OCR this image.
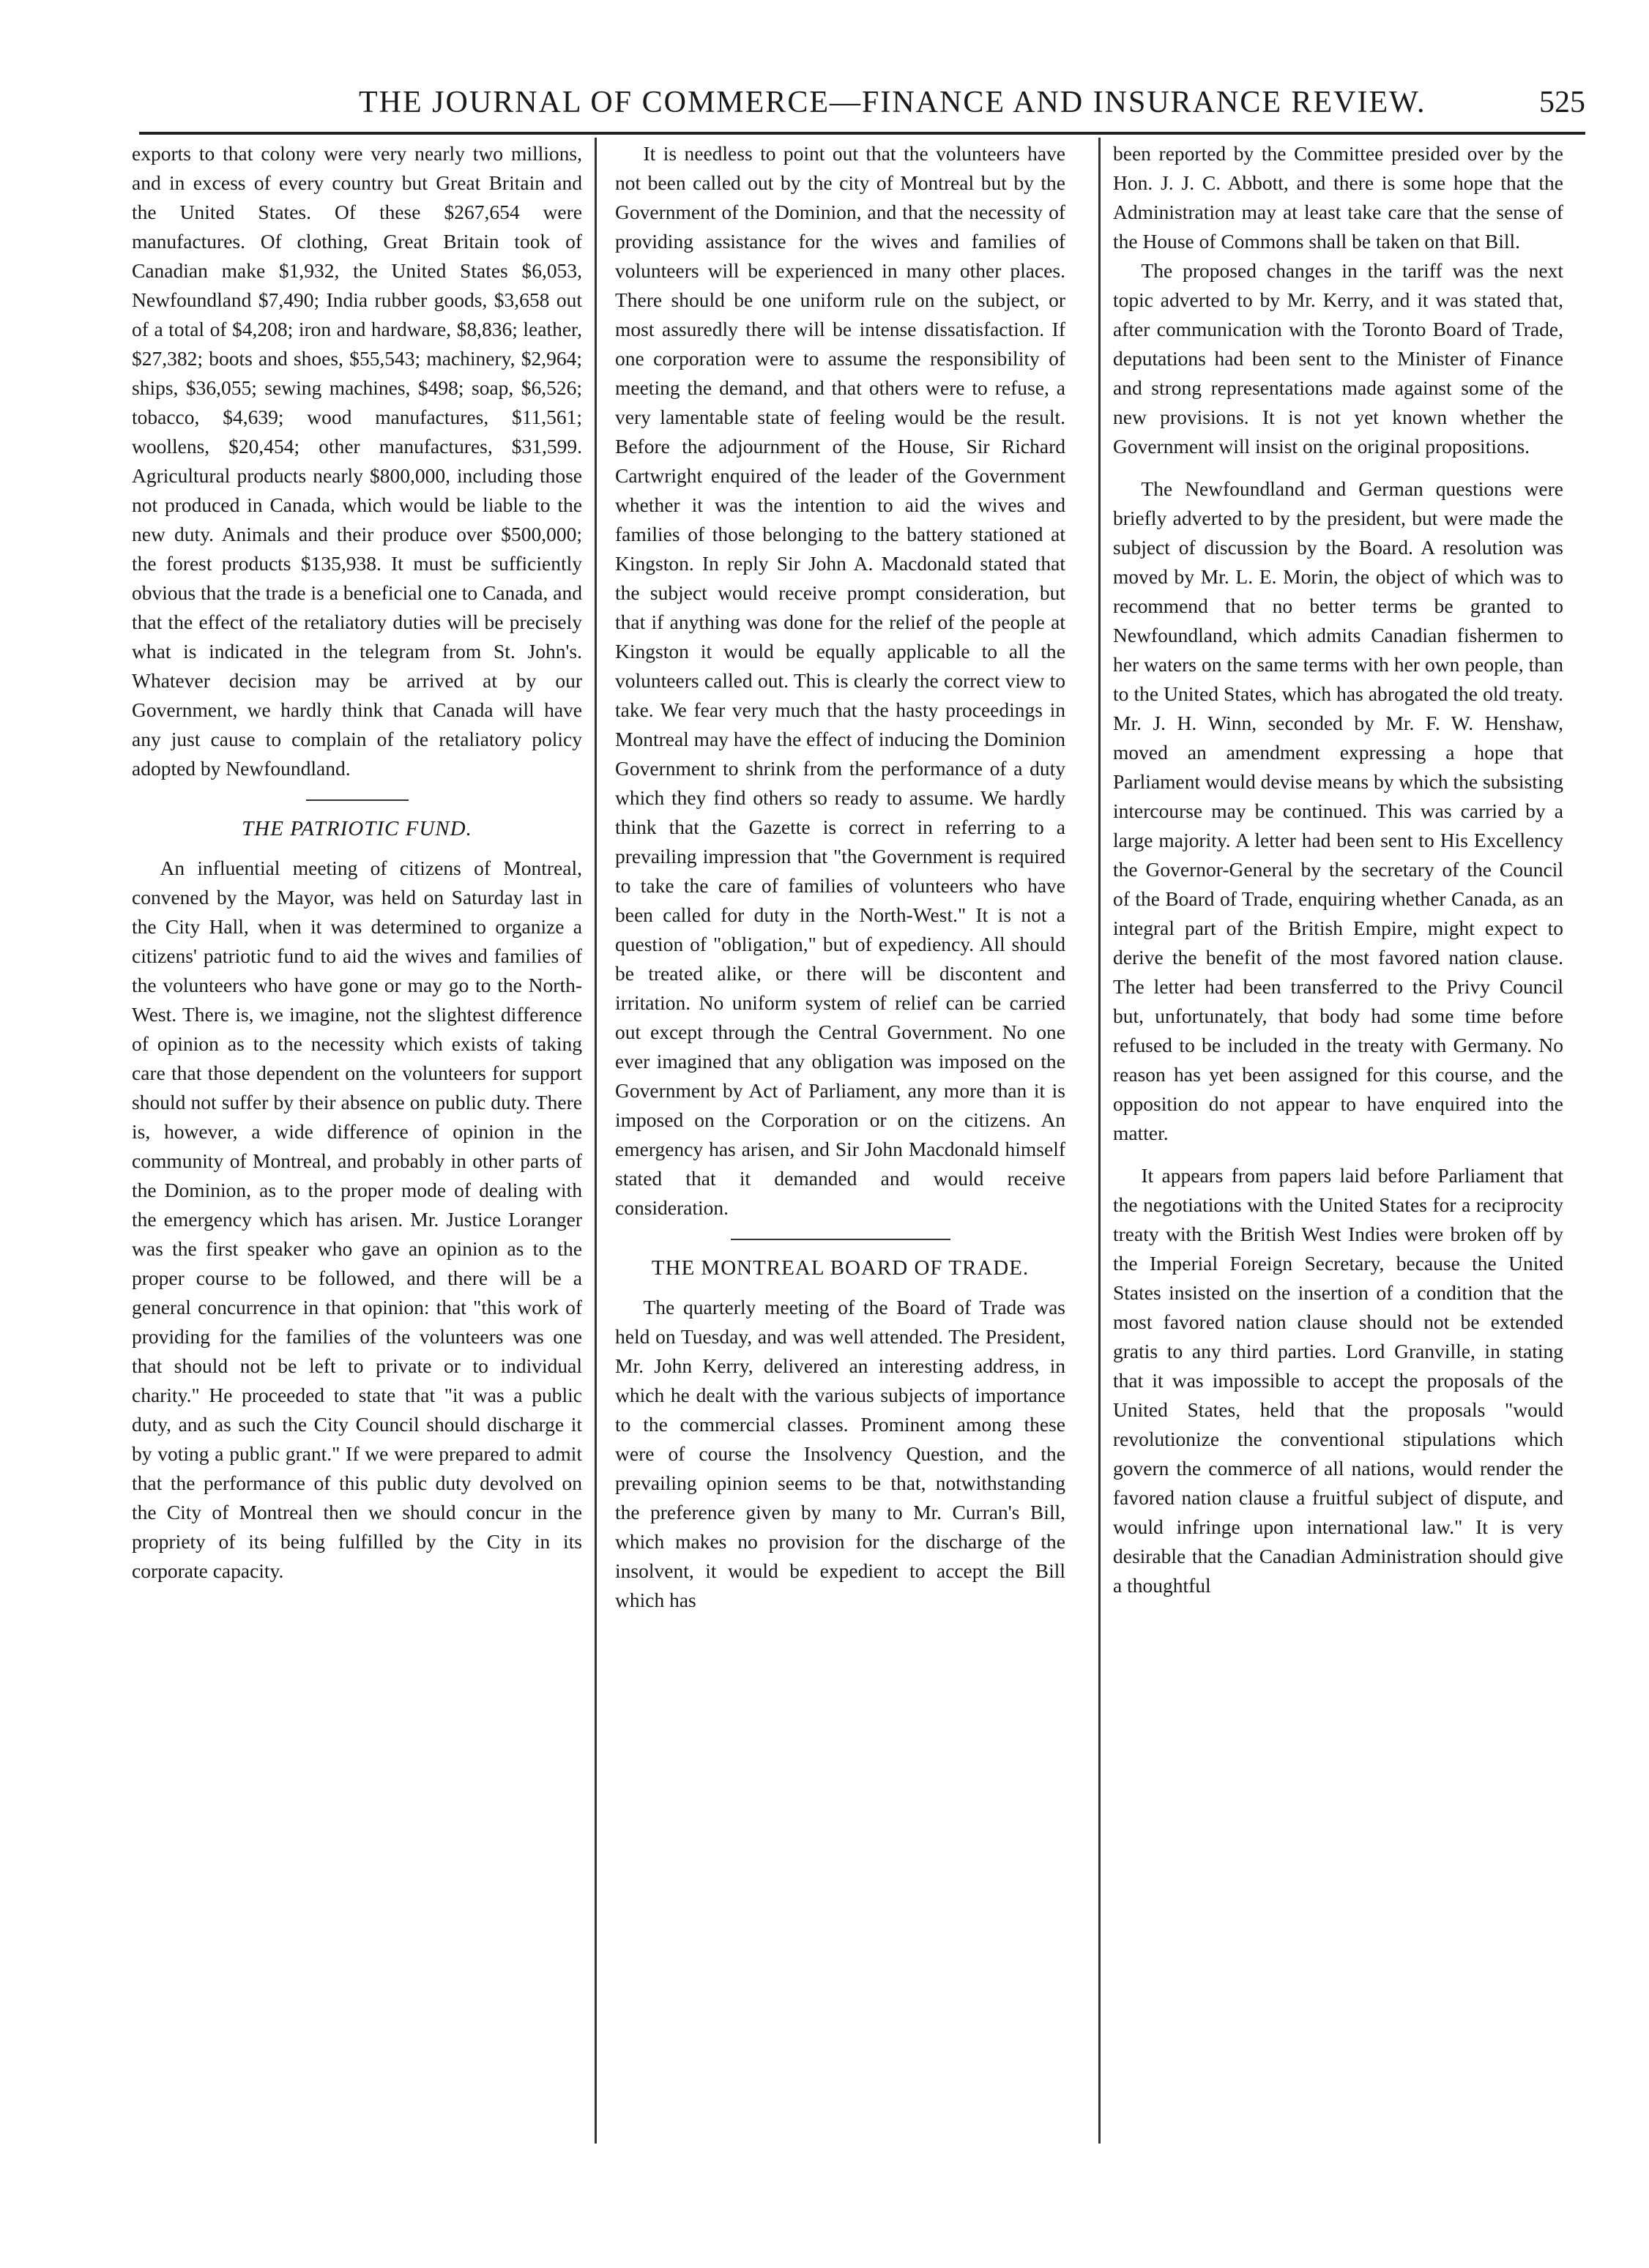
THE JOURNAL OF COMMERCE—FINANCE AND INSURANCE REVIEW.	525

exports to that colony were very nearly two millions, and in excess of every country but Great Britain and the United States. Of these $267,654 were manufactures. Of clothing, Great Britain took of Canadian make $1,932, the United States $6,053, Newfoundland $7,490; India rubber goods, $3,658 out of a total of $4,208; iron and hardware, $8,836; leather, $27,382; boots and shoes, $55,543; machinery, $2,964; ships, $36,055; sewing machines, $498; soap, $6,526; tobacco, $4,639; wood manufactures, $11,561; woollens, $20,454; other manufactures, $31,599. Agricultural products nearly $800,000, including those not produced in Canada, which would be liable to the new duty. Animals and their produce over $500,000; the forest products $135,938. It must be sufficiently obvious that the trade is a beneficial one to Canada, and that the effect of the retaliatory duties will be precisely what is indicated in the telegram from St. John's. Whatever decision may be arrived at by our Government, we hardly think that Canada will have any just cause to complain of the retaliatory policy adopted by Newfoundland.

THE PATRIOTIC FUND.

An influential meeting of citizens of Montreal, convened by the Mayor, was held on Saturday last in the City Hall, when it was determined to organize a citizens' patriotic fund to aid the wives and families of the volunteers who have gone or may go to the North-West. There is, we imagine, not the slightest difference of opinion as to the necessity which exists of taking care that those dependent on the volunteers for support should not suffer by their absence on public duty. There is, however, a wide difference of opinion in the community of Montreal, and probably in other parts of the Dominion, as to the proper mode of dealing with the emergency which has arisen. Mr. Justice Loranger was the first speaker who gave an opinion as to the proper course to be followed, and there will be a general concurrence in that opinion: that "this work of providing for the families of the volunteers was one that should not be left to private or to individual charity." He proceeded to state that "it was a public duty, and as such the City Council should discharge it by voting a public grant." If we were prepared to admit that the performance of this public duty devolved on the City of Montreal then we should concur in the propriety of its being fulfilled by the City in its corporate capacity.

It is needless to point out that the volunteers have not been called out by the city of Montreal but by the Government of the Dominion, and that the necessity of providing assistance for the wives and families of volunteers will be experienced in many other places. There should be one uniform rule on the subject, or most assuredly there will be intense dissatisfaction. If one corporation were to assume the responsibility of meeting the demand, and that others were to refuse, a very lamentable state of feeling would be the result. Before the adjournment of the House, Sir Richard Cartwright enquired of the leader of the Government whether it was the intention to aid the wives and families of those belonging to the battery stationed at Kingston. In reply Sir John A. Macdonald stated that the subject would receive prompt consideration, but that if anything was done for the relief of the people at Kingston it would be equally applicable to all the volunteers called out. This is clearly the correct view to take. We fear very much that the hasty proceedings in Montreal may have the effect of inducing the Dominion Government to shrink from the performance of a duty which they find others so ready to assume. We hardly think that the Gazette is correct in referring to a prevailing impression that "the Government is required to take the care of families of volunteers who have been called for duty in the North-West." It is not a question of "obligation," but of expediency. All should be treated alike, or there will be discontent and irritation. No uniform system of relief can be carried out except through the Central Government. No one ever imagined that any obligation was imposed on the Government by Act of Parliament, any more than it is imposed on the Corporation or on the citizens. An emergency has arisen, and Sir John Macdonald himself stated that it demanded and would receive consideration.

THE MONTREAL BOARD OF TRADE.

The quarterly meeting of the Board of Trade was held on Tuesday, and was well attended. The President, Mr. John Kerry, delivered an interesting address, in which he dealt with the various subjects of importance to the commercial classes. Prominent among these were of course the Insolvency Question, and the prevailing opinion seems to be that, notwithstanding the preference given by many to Mr. Curran's Bill, which makes no provision for the discharge of the insolvent, it would be expedient to accept the Bill which has

been reported by the Committee presided over by the Hon. J. J. C. Abbott, and there is some hope that the Administration may at least take care that the sense of the House of Commons shall be taken on that Bill.

The proposed changes in the tariff was the next topic adverted to by Mr. Kerry, and it was stated that, after communication with the Toronto Board of Trade, deputations had been sent to the Minister of Finance and strong representations made against some of the new provisions. It is not yet known whether the Government will insist on the original propositions.

The Newfoundland and German questions were briefly adverted to by the president, but were made the subject of discussion by the Board. A resolution was moved by Mr. L. E. Morin, the object of which was to recommend that no better terms be granted to Newfoundland, which admits Canadian fishermen to her waters on the same terms with her own people, than to the United States, which has abrogated the old treaty. Mr. J. H. Winn, seconded by Mr. F. W. Henshaw, moved an amendment expressing a hope that Parliament would devise means by which the subsisting intercourse may be continued. This was carried by a large majority. A letter had been sent to His Excellency the Governor-General by the secretary of the Council of the Board of Trade, enquiring whether Canada, as an integral part of the British Empire, might expect to derive the benefit of the most favored nation clause. The letter had been transferred to the Privy Council but, unfortunately, that body had some time before refused to be included in the treaty with Germany. No reason has yet been assigned for this course, and the opposition do not appear to have enquired into the matter.

It appears from papers laid before Parliament that the negotiations with the United States for a reciprocity treaty with the British West Indies were broken off by the Imperial Foreign Secretary, because the United States insisted on the insertion of a condition that the most favored nation clause should not be extended gratis to any third parties. Lord Granville, in stating that it was impossible to accept the proposals of the United States, held that the proposals "would revolutionize the conventional stipulations which govern the commerce of all nations, would render the favored nation clause a fruitful subject of dispute, and would infringe upon international law." It is very desirable that the Canadian Administration should give a thoughtful
